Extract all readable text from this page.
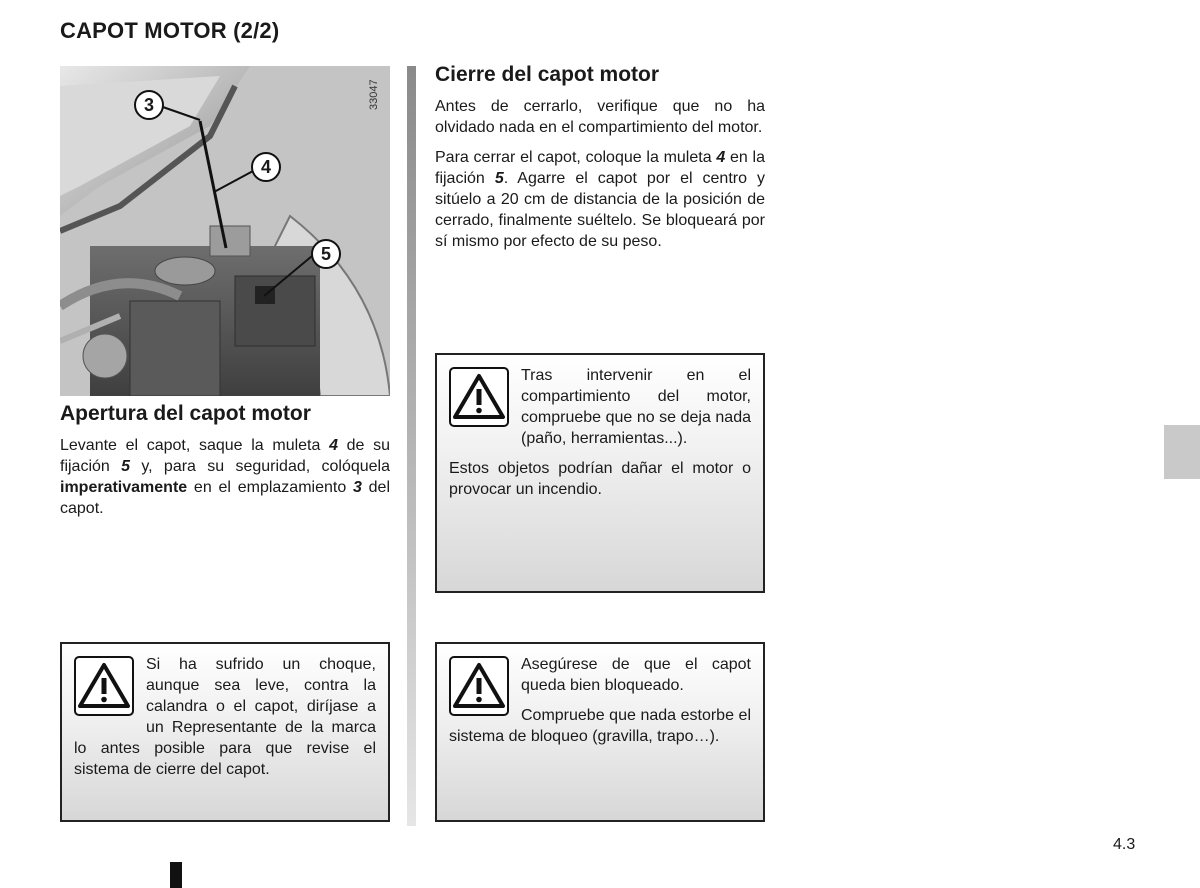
CAPOT MOTOR (2/2)
3
4
5
33047
Apertura del capot motor

Levante el capot, saque la muleta 4 de su fijación 5 y, para su seguridad, colóquela imperativamente en el emplazamiento 3 del capot.

Cierre del capot motor

Antes de cerrarlo, verifique que no ha olvidado nada en el compartimiento del motor.

Para cerrar el capot, coloque la muleta 4 en la fijación 5. Agarre el capot por el centro y sitúelo a 20 cm de distancia de la posición de cerrado, finalmente suéltelo. Se bloqueará por sí mismo por efecto de su peso.

Tras intervenir en el compartimiento del motor, compruebe que no se deja nada (paño, herramientas...).

Estos objetos podrían dañar el motor o provocar un incendio.

Si ha sufrido un choque, aunque sea leve, contra la calandra o el capot, diríjase a un Representante de la marca lo antes posible para que revise el sistema de cierre del capot.

Asegúrese de que el capot queda bien bloqueado.

Compruebe que nada estorbe el sistema de bloqueo (gravilla, trapo…).

4.3
